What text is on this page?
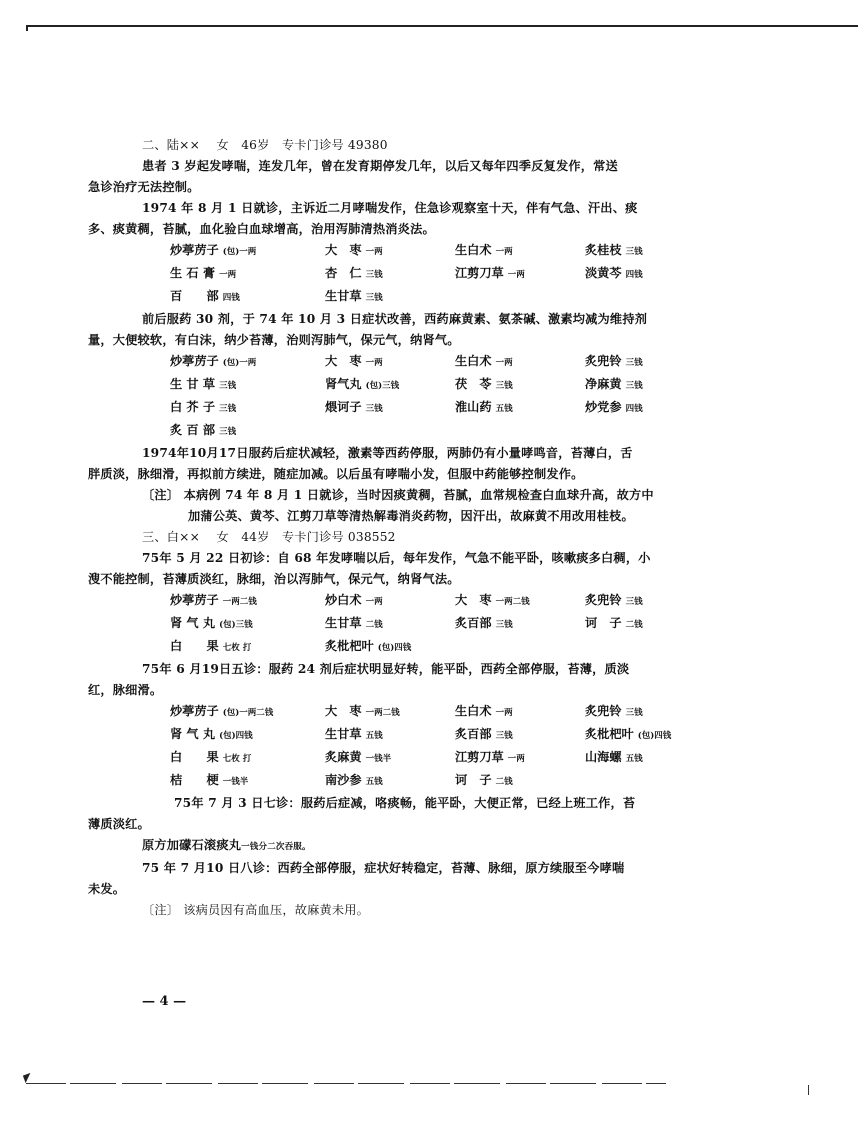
二、陆×× 　女　46岁　专卡门诊号 49380
患者 3 岁起发哮喘，连发几年，曾在发育期停发几年，以后又每年四季反复发作，常送
急诊治疗无法控制。
1974 年 8 月 1 日就诊，主诉近二月哮喘发作，住急诊观察室十天，伴有气急、汗出、痰
多、痰黄稠，苔腻，血化验白血球增高，治用泻肺清热消炎法。
炒葶苈子 (包)一两	大　枣 一两	生白术 一两	炙桂枝 三钱
生 石 膏 一两	杏　仁 三钱	江剪刀草 一两	淡黄芩 四钱
百　　部 四钱	生甘草 三钱
前后服药 30 剂，于 74 年 10 月 3 日症状改善，西药麻黄素、氨茶碱、激素均减为维持剂
量，大便较软，有白沫，纳少苔薄，治则泻肺气，保元气，纳肾气。
炒葶苈子 (包)一两	大　枣 一两	生白术 一两	炙兜铃 三钱
生 甘 草 三钱	肾气丸 (包)三钱	茯　苓 三钱	净麻黄 三钱
白 芥 子 三钱	煨诃子 三钱	淮山药 五钱	炒党参 四钱
炙 百 部 三钱
1974年10月17日服药后症状减轻，激素等西药停服，两肺仍有小量哮鸣音，苔薄白，舌
胖质淡，脉细滑，再拟前方续进，随症加减。以后虽有哮喘小发，但服中药能够控制发作。
〔注〕 本病例 74 年 8 月 1 日就诊，当时因痰黄稠，苔腻，血常规检查白血球升高，故方中
加蒲公英、黄芩、江剪刀草等清热解毒消炎药物，因汗出，故麻黄不用改用桂枝。
三、白×× 　女　44岁　专卡门诊号 038552
75年 5 月 22 日初诊：自 68 年发哮喘以后，每年发作，气急不能平卧，咳嗽痰多白稠，小
溲不能控制，苔薄质淡红，脉细，治以泻肺气，保元气，纳肾气法。
炒葶苈子 一两二钱	炒白术 一两	大　枣 一两二钱	炙兜铃 三钱
肾 气 丸 (包)三钱	生甘草 二钱	炙百部 三钱	诃　子 二钱
白　　果 七枚 打	炙枇杷叶 (包)四钱
75年 6 月19日五诊：服药 24 剂后症状明显好转，能平卧，西药全部停服，苔薄，质淡
红，脉细滑。
炒葶苈子 (包)一两二钱	大　枣 一两二钱	生白术 一两	炙兜铃 三钱
肾 气 丸 (包)四钱	生甘草 五钱	炙百部 三钱	炙枇杷叶 (包)四钱
白　　果 七枚 打	炙麻黄 一钱半	江剪刀草 一两	山海螺 五钱
桔　　梗 一钱半	南沙参 五钱	诃　子 二钱
75年 7 月 3 日七诊：服药后症减，咯痰畅，能平卧，大便正常，已经上班工作，苔
薄质淡红。
原方加礞石滚痰丸一钱分二次吞服。
75 年 7 月10 日八诊：西药全部停服，症状好转稳定，苔薄、脉细，原方续服至今哮喘
未发。
〔注〕 该病员因有高血压，故麻黄未用。
— 4 —
